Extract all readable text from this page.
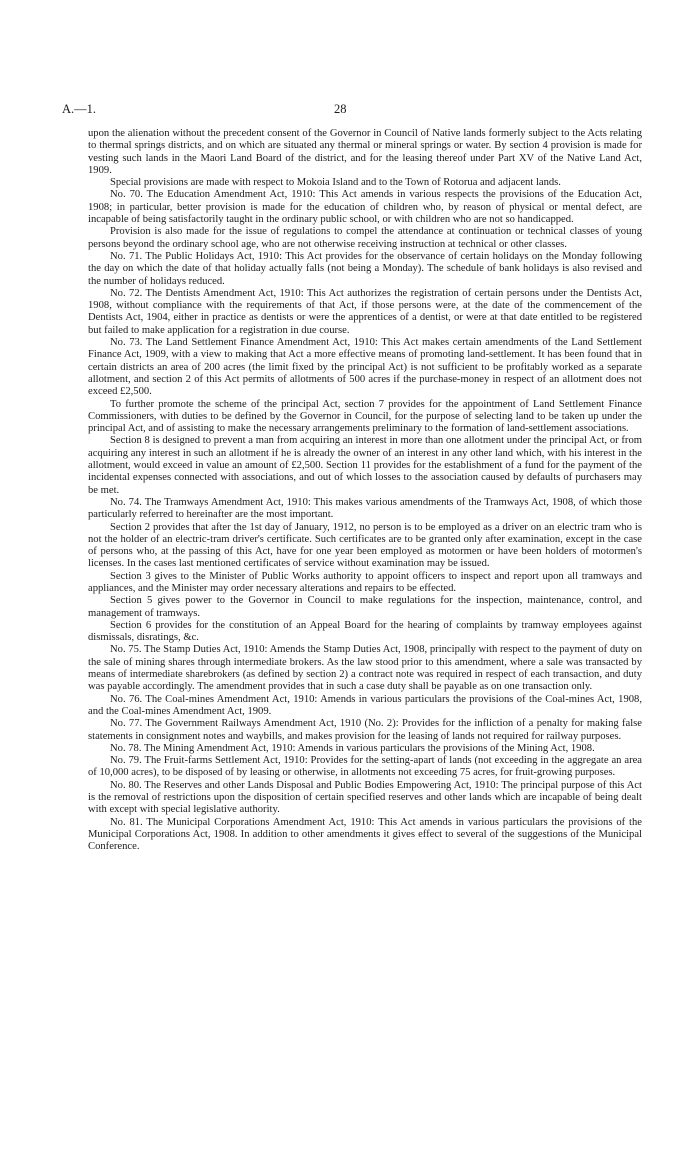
A.—1.	28

upon the alienation without the precedent consent of the Governor in Council of Native lands formerly subject to the Acts relating to thermal springs districts, and on which are situated any thermal or mineral springs or water. By section 4 provision is made for vesting such lands in the Maori Land Board of the district, and for the leasing thereof under Part XV of the Native Land Act, 1909.

Special provisions are made with respect to Mokoia Island and to the Town of Rotorua and adjacent lands.

No. 70. The Education Amendment Act, 1910: This Act amends in various respects the provisions of the Education Act, 1908; in particular, better provision is made for the education of children who, by reason of physical or mental defect, are incapable of being satisfactorily taught in the ordinary public school, or with children who are not so handicapped.

Provision is also made for the issue of regulations to compel the attendance at continuation or technical classes of young persons beyond the ordinary school age, who are not otherwise receiving instruction at technical or other classes.

No. 71. The Public Holidays Act, 1910: This Act provides for the observance of certain holidays on the Monday following the day on which the date of that holiday actually falls (not being a Monday). The schedule of bank holidays is also revised and the number of holidays reduced.

No. 72. The Dentists Amendment Act, 1910: This Act authorizes the registration of certain persons under the Dentists Act, 1908, without compliance with the requirements of that Act, if those persons were, at the date of the commencement of the Dentists Act, 1904, either in practice as dentists or were the apprentices of a dentist, or were at that date entitled to be registered but failed to make application for a registration in due course.

No. 73. The Land Settlement Finance Amendment Act, 1910: This Act makes certain amendments of the Land Settlement Finance Act, 1909, with a view to making that Act a more effective means of promoting land-settlement. It has been found that in certain districts an area of 200 acres (the limit fixed by the principal Act) is not sufficient to be profitably worked as a separate allotment, and section 2 of this Act permits of allotments of 500 acres if the purchase-money in respect of an allotment does not exceed £2,500.

To further promote the scheme of the principal Act, section 7 provides for the appointment of Land Settlement Finance Commissioners, with duties to be defined by the Governor in Council, for the purpose of selecting land to be taken up under the principal Act, and of assisting to make the necessary arrangements preliminary to the formation of land-settlement associations.

Section 8 is designed to prevent a man from acquiring an interest in more than one allotment under the principal Act, or from acquiring any interest in such an allotment if he is already the owner of an interest in any other land which, with his interest in the allotment, would exceed in value an amount of £2,500. Section 11 provides for the establishment of a fund for the payment of the incidental expenses connected with associations, and out of which losses to the association caused by defaults of purchasers may be met.

No. 74. The Tramways Amendment Act, 1910: This makes various amendments of the Tramways Act, 1908, of which those particularly referred to hereinafter are the most important.

Section 2 provides that after the 1st day of January, 1912, no person is to be employed as a driver on an electric tram who is not the holder of an electric-tram driver's certificate. Such certificates are to be granted only after examination, except in the case of persons who, at the passing of this Act, have for one year been employed as motormen or have been holders of motormen's licenses. In the cases last mentioned certificates of service without examination may be issued.

Section 3 gives to the Minister of Public Works authority to appoint officers to inspect and report upon all tramways and appliances, and the Minister may order necessary alterations and repairs to be effected.

Section 5 gives power to the Governor in Council to make regulations for the inspection, maintenance, control, and management of tramways.

Section 6 provides for the constitution of an Appeal Board for the hearing of complaints by tramway employees against dismissals, disratings, &c.

No. 75. The Stamp Duties Act, 1910: Amends the Stamp Duties Act, 1908, principally with respect to the payment of duty on the sale of mining shares through intermediate brokers. As the law stood prior to this amendment, where a sale was transacted by means of intermediate sharebrokers (as defined by section 2) a contract note was required in respect of each transaction, and duty was payable accordingly. The amendment provides that in such a case duty shall be payable as on one transaction only.

No. 76. The Coal-mines Amendment Act, 1910: Amends in various particulars the provisions of the Coal-mines Act, 1908, and the Coal-mines Amendment Act, 1909.

No. 77. The Government Railways Amendment Act, 1910 (No. 2): Provides for the infliction of a penalty for making false statements in consignment notes and waybills, and makes provision for the leasing of lands not required for railway purposes.

No. 78. The Mining Amendment Act, 1910: Amends in various particulars the provisions of the Mining Act, 1908.

No. 79. The Fruit-farms Settlement Act, 1910: Provides for the setting-apart of lands (not exceeding in the aggregate an area of 10,000 acres), to be disposed of by leasing or otherwise, in allotments not exceeding 75 acres, for fruit-growing purposes.

No. 80. The Reserves and other Lands Disposal and Public Bodies Empowering Act, 1910: The principal purpose of this Act is the removal of restrictions upon the disposition of certain specified reserves and other lands which are incapable of being dealt with except with special legislative authority.

No. 81. The Municipal Corporations Amendment Act, 1910: This Act amends in various particulars the provisions of the Municipal Corporations Act, 1908. In addition to other amendments it gives effect to several of the suggestions of the Municipal Conference.
